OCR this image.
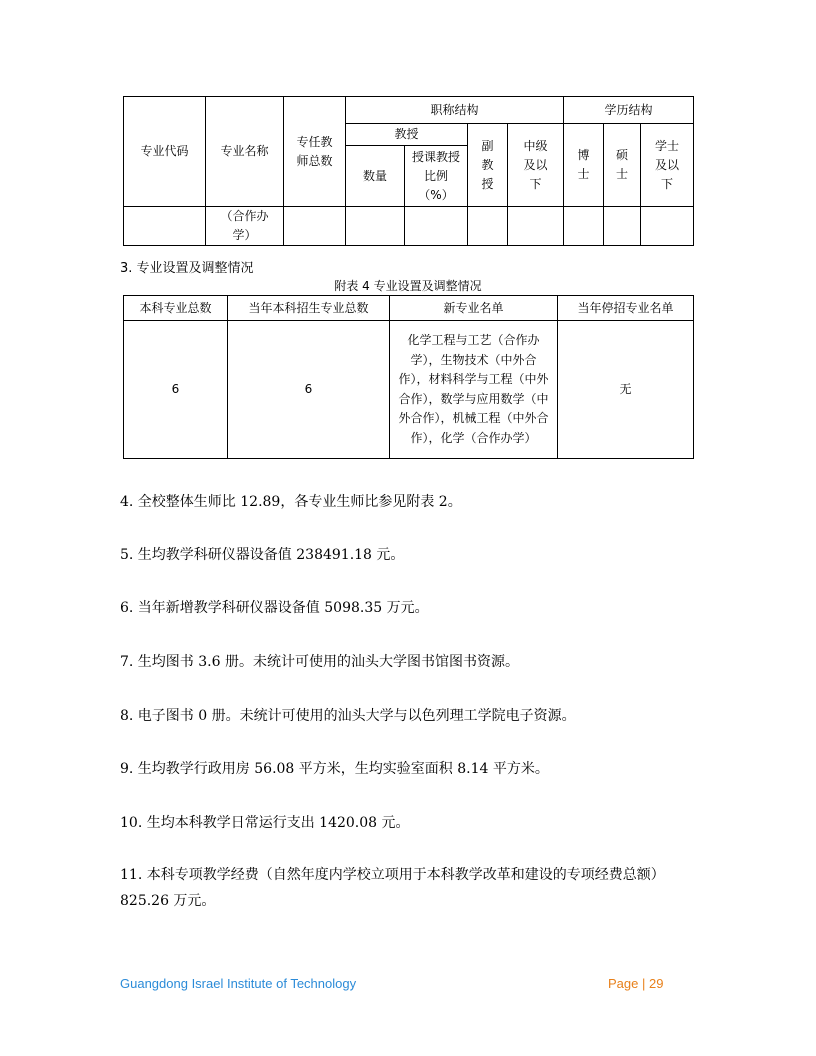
专业代码	专业名称	专任教师总数	职称结构				学历结构		
			教授		副教授	中级及以下	博士	硕士	学士及以下
			数量	授课教授比例（%）					
	（合作办学）								
3. 专业设置及调整情况
附表 4 专业设置及调整情况
本科专业总数	当年本科招生专业总数	新专业名单	当年停招专业名单
6	6	化学工程与工艺（合作办学），生物技术（中外合作），材料科学与工程（中外合作），数学与应用数学（中外合作），机械工程（中外合作），化学（合作办学）	无
4. 全校整体生师比 12.89，各专业生师比参见附表 2。
5. 生均教学科研仪器设备值 238491.18 元。
6. 当年新增教学科研仪器设备值 5098.35 万元。
7. 生均图书 3.6 册。未统计可使用的汕头大学图书馆图书资源。
8. 电子图书 0 册。未统计可使用的汕头大学与以色列理工学院电子资源。
9. 生均教学行政用房 56.08 平方米，生均实验室面积 8.14 平方米。
10. 生均本科教学日常运行支出 1420.08 元。
11. 本科专项教学经费（自然年度内学校立项用于本科教学改革和建设的专项经费总额）825.26 万元。
Guangdong Israel Institute of Technology	Page | 29
